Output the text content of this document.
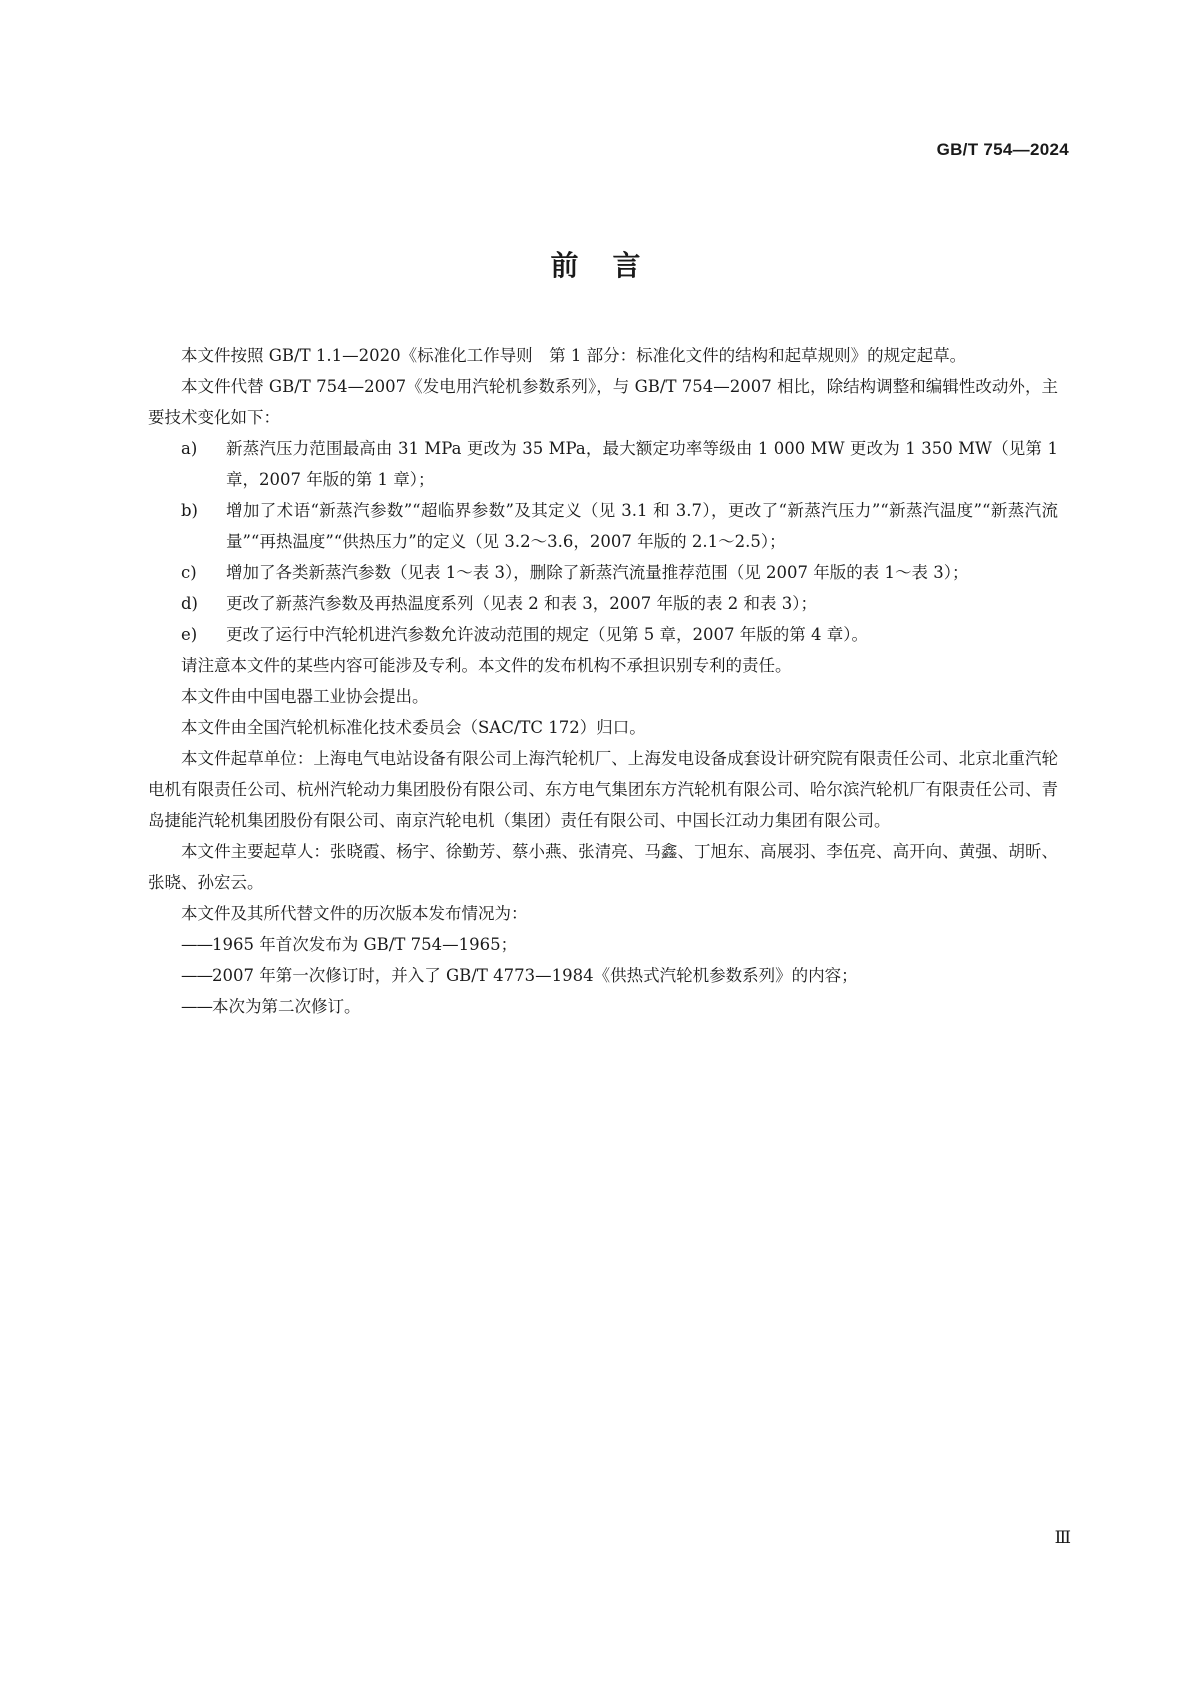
GB/T 754—2024
前言

本文件按照 GB/T 1.1—2020《标准化工作导则　第 1 部分：标准化文件的结构和起草规则》的规定起草。

本文件代替 GB/T 754—2007《发电用汽轮机参数系列》，与 GB/T 754—2007 相比，除结构调整和编辑性改动外，主要技术变化如下：

a)	新蒸汽压力范围最高由 31 MPa 更改为 35 MPa，最大额定功率等级由 1 000 MW 更改为 1 350 MW（见第 1 章，2007 年版的第 1 章）；
b)	增加了术语“新蒸汽参数”“超临界参数”及其定义（见 3.1 和 3.7），更改了“新蒸汽压力”“新蒸汽温度”“新蒸汽流量”“再热温度”“供热压力”的定义（见 3.2～3.6，2007 年版的 2.1～2.5）；
c)	增加了各类新蒸汽参数（见表 1～表 3），删除了新蒸汽流量推荐范围（见 2007 年版的表 1～表 3）；
d)	更改了新蒸汽参数及再热温度系列（见表 2 和表 3，2007 年版的表 2 和表 3）；
e)	更改了运行中汽轮机进汽参数允许波动范围的规定（见第 5 章，2007 年版的第 4 章）。

请注意本文件的某些内容可能涉及专利。本文件的发布机构不承担识别专利的责任。

本文件由中国电器工业协会提出。

本文件由全国汽轮机标准化技术委员会（SAC/TC 172）归口。

本文件起草单位：上海电气电站设备有限公司上海汽轮机厂、上海发电设备成套设计研究院有限责任公司、北京北重汽轮电机有限责任公司、杭州汽轮动力集团股份有限公司、东方电气集团东方汽轮机有限公司、哈尔滨汽轮机厂有限责任公司、青岛捷能汽轮机集团股份有限公司、南京汽轮电机（集团）责任有限公司、中国长江动力集团有限公司。

本文件主要起草人：张晓霞、杨宇、徐勤芳、蔡小燕、张清亮、马鑫、丁旭东、高展羽、李伍亮、高开向、黄强、胡昕、张晓、孙宏云。

本文件及其所代替文件的历次版本发布情况为：

——1965 年首次发布为 GB/T 754—1965；

——2007 年第一次修订时，并入了 GB/T 4773—1984《供热式汽轮机参数系列》的内容；

——本次为第二次修订。

Ⅲ
